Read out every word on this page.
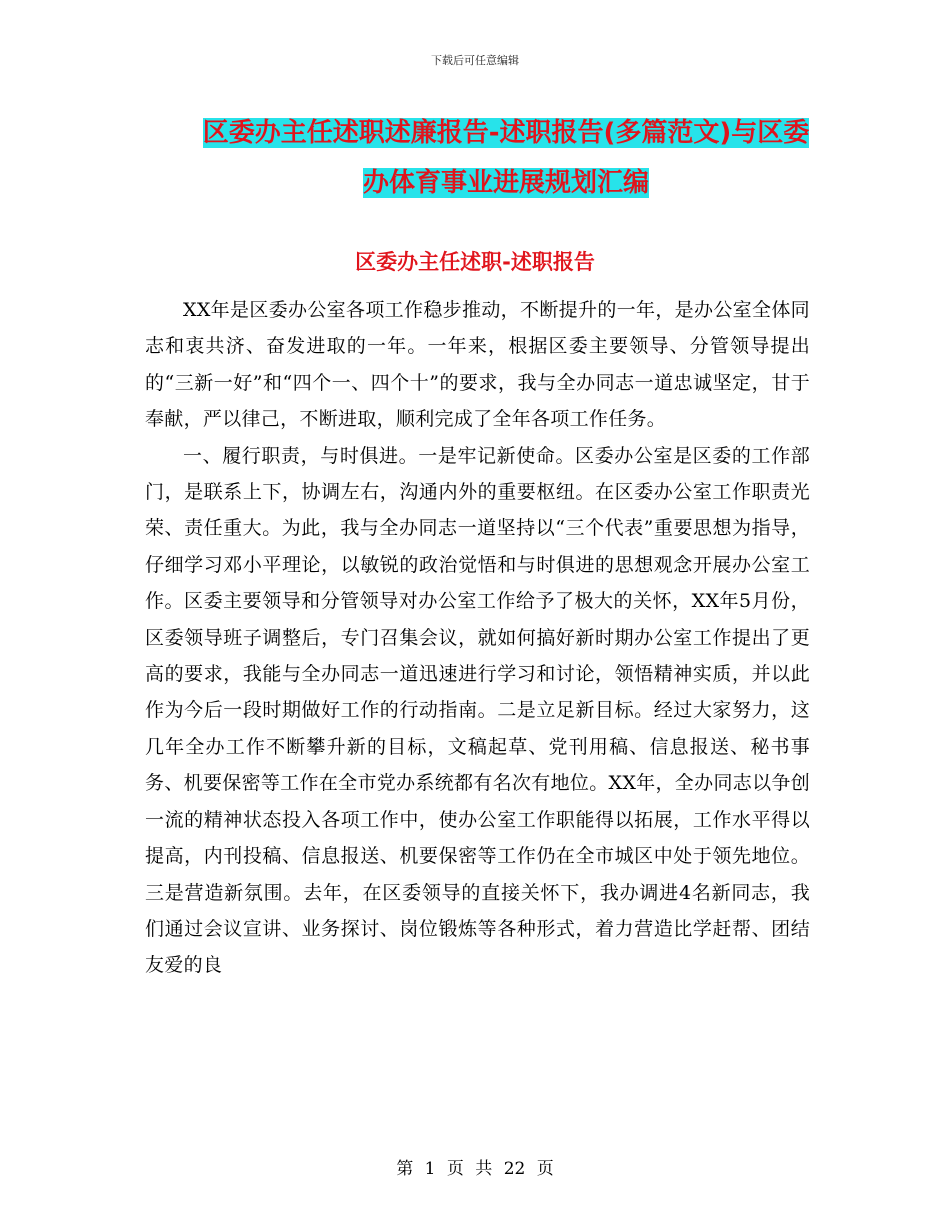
下载后可任意编辑
区委办主任述职述廉报告-述职报告(多篇范文)与区委
办体育事业进展规划汇编
区委办主任述职-述职报告

XX年是区委办公室各项工作稳步推动，不断提升的一年，是办公室全体同志和衷共济、奋发进取的一年。一年来，根据区委主要领导、分管领导提出的“三新一好”和“四个一、四个十”的要求，我与全办同志一道忠诚坚定，甘于奉献，严以律己，不断进取，顺利完成了全年各项工作任务。

一、履行职责，与时俱进。一是牢记新使命。区委办公室是区委的工作部门，是联系上下，协调左右，沟通内外的重要枢纽。在区委办公室工作职责光荣、责任重大。为此，我与全办同志一道坚持以“三个代表”重要思想为指导，仔细学习邓小平理论，以敏锐的政治觉悟和与时俱进的思想观念开展办公室工作。区委主要领导和分管领导对办公室工作给予了极大的关怀，XX年5月份，区委领导班子调整后，专门召集会议，就如何搞好新时期办公室工作提出了更高的要求，我能与全办同志一道迅速进行学习和讨论，领悟精神实质，并以此作为今后一段时期做好工作的行动指南。二是立足新目标。经过大家努力，这几年全办工作不断攀升新的目标，文稿起草、党刊用稿、信息报送、秘书事务、机要保密等工作在全市党办系统都有名次有地位。XX年，全办同志以争创一流的精神状态投入各项工作中，使办公室工作职能得以拓展，工作水平得以提高，内刊投稿、信息报送、机要保密等工作仍在全市城区中处于领先地位。三是营造新氛围。去年，在区委领导的直接关怀下，我办调进4名新同志，我们通过会议宣讲、业务探讨、岗位锻炼等各种形式，着力营造比学赶帮、团结友爱的良

第 1 页 共 22 页
